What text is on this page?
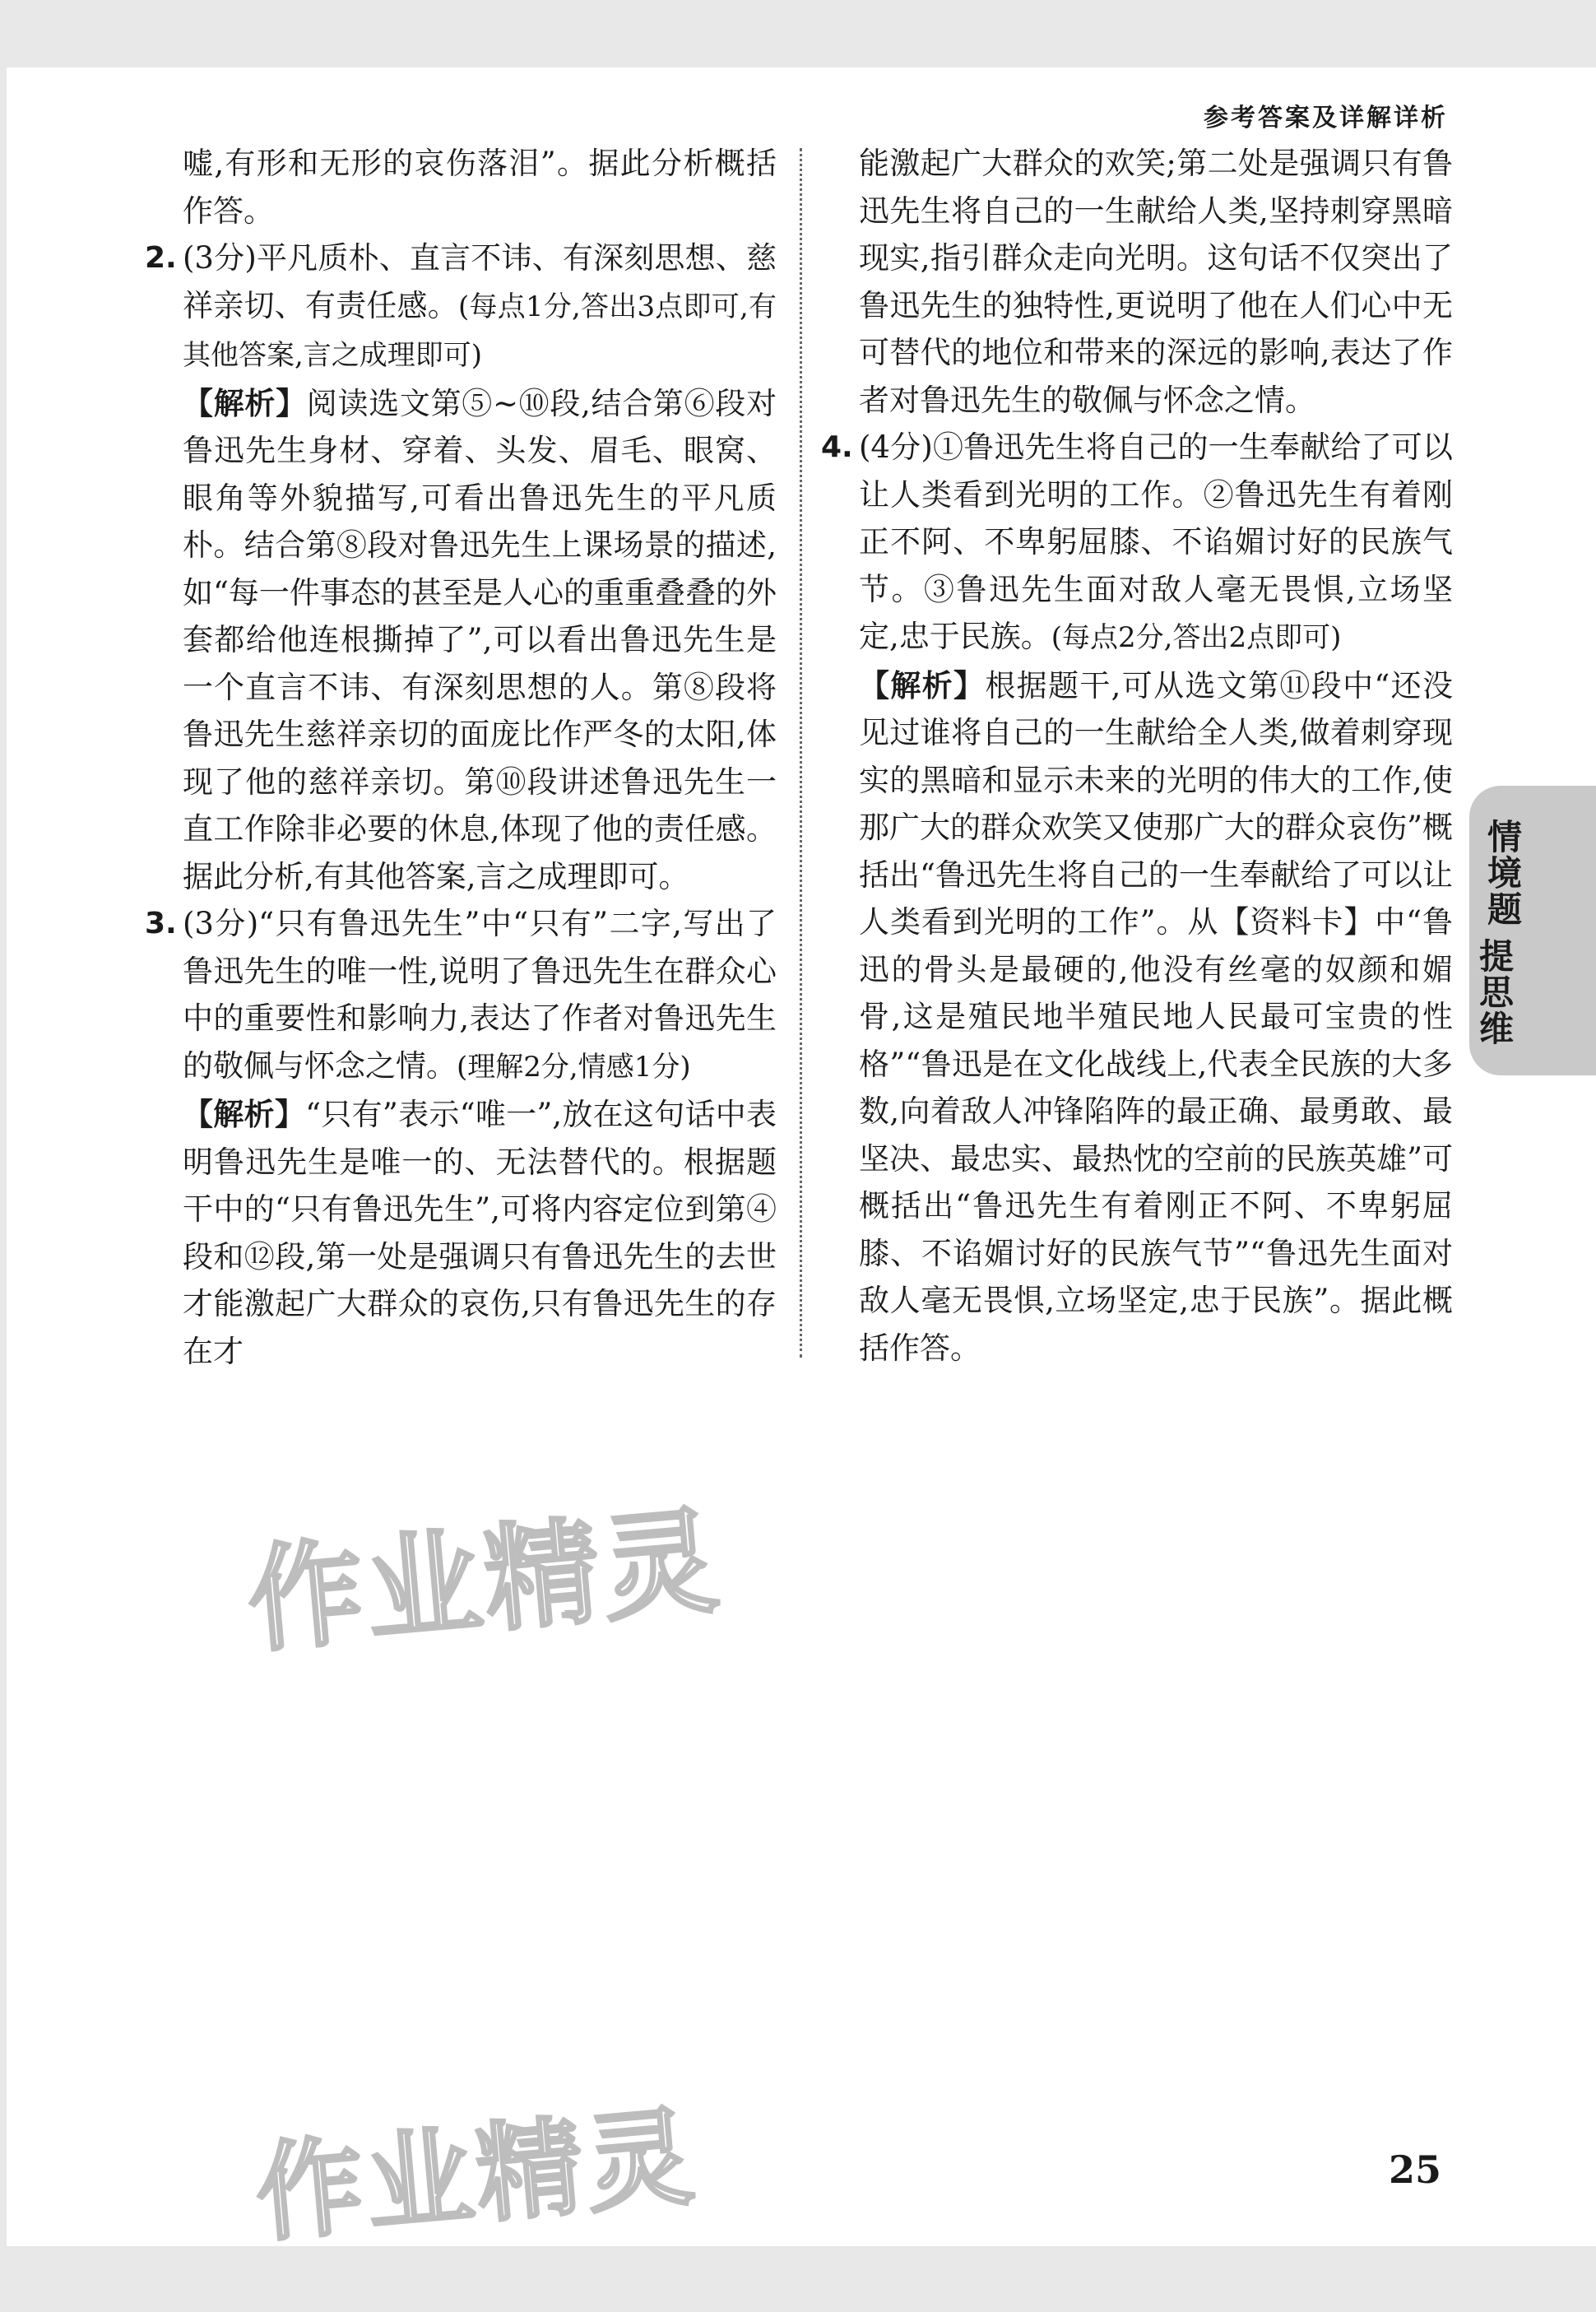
参考答案及详解详析

嘘,有形和无形的哀伤落泪”。据此分析概括作答。

2. (3分)平凡质朴、直言不讳、有深刻思想、慈祥亲切、有责任感。(每点1分,答出3点即可,有其他答案,言之成理即可)

【解析】阅读选文第⑤~⑩段,结合第⑥段对鲁迅先生身材、穿着、头发、眉毛、眼窝、眼角等外貌描写,可看出鲁迅先生的平凡质朴。结合第⑧段对鲁迅先生上课场景的描述,如“每一件事态的甚至是人心的重重叠叠的外套都给他连根撕掉了”,可以看出鲁迅先生是一个直言不讳、有深刻思想的人。第⑧段将鲁迅先生慈祥亲切的面庞比作严冬的太阳,体现了他的慈祥亲切。第⑩段讲述鲁迅先生一直工作除非必要的休息,体现了他的责任感。据此分析,有其他答案,言之成理即可。

3. (3分)“只有鲁迅先生”中“只有”二字,写出了鲁迅先生的唯一性,说明了鲁迅先生在群众心中的重要性和影响力,表达了作者对鲁迅先生的敬佩与怀念之情。(理解2分,情感1分)

【解析】“只有”表示“唯一”,放在这句话中表明鲁迅先生是唯一的、无法替代的。根据题干中的“只有鲁迅先生”,可将内容定位到第④段和⑫段,第一处是强调只有鲁迅先生的去世才能激起广大群众的哀伤,只有鲁迅先生的存在才

能激起广大群众的欢笑;第二处是强调只有鲁迅先生将自己的一生献给人类,坚持刺穿黑暗现实,指引群众走向光明。这句话不仅突出了鲁迅先生的独特性,更说明了他在人们心中无可替代的地位和带来的深远的影响,表达了作者对鲁迅先生的敬佩与怀念之情。

4. (4分)①鲁迅先生将自己的一生奉献给了可以让人类看到光明的工作。②鲁迅先生有着刚正不阿、不卑躬屈膝、不谄媚讨好的民族气节。③鲁迅先生面对敌人毫无畏惧,立场坚定,忠于民族。(每点2分,答出2点即可)

【解析】根据题干,可从选文第⑪段中“还没见过谁将自己的一生献给全人类,做着刺穿现实的黑暗和显示未来的光明的伟大的工作,使那广大的群众欢笑又使那广大的群众哀伤”概括出“鲁迅先生将自己的一生奉献给了可以让人类看到光明的工作”。从【资料卡】中“鲁迅的骨头是最硬的,他没有丝毫的奴颜和媚骨,这是殖民地半殖民地人民最可宝贵的性格”“鲁迅是在文化战线上,代表全民族的大多数,向着敌人冲锋陷阵的最正确、最勇敢、最坚决、最忠实、最热忱的空前的民族英雄”可概括出“鲁迅先生有着刚正不阿、不卑躬屈膝、不谄媚讨好的民族气节”“鲁迅先生面对敌人毫无畏惧,立场坚定,忠于民族”。据此概括作答。

情境题
提思维
作业精灵
作业精灵	25
